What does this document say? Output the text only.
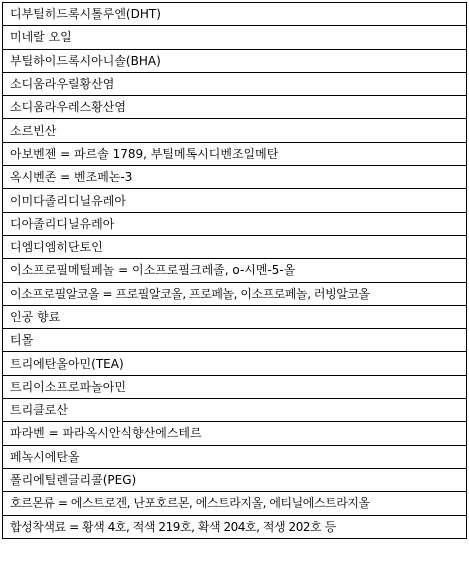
디부틸히드록시톨루엔(DHT)
미네랄 오일
부틸하이드록시아니솔(BHA)
소디움라우릴황산염
소디움라우레스황산염
소르빈산
아보벤젠 = 파르솔 1789, 부틸메톡시디벤조일메탄
옥시벤존 = 벤조페논-3
이미다졸리디닐유레아
디아졸리디닐유레아
디엠디엠히단토인
이소프로필메틸페놀 = 이소프로필크레졸, o-시멘-5-올
이소프로필알코올 = 프로필알코올, 프로페놀, 이소프로페놀, 러빙알코올
인공 향료
티몰
트리에탄올아민(TEA)
트리이소프로파놀아민
트리클로산
파라벤 = 파라옥시안식향산에스테르
페녹시에탄올
폴리에틸렌글리콜(PEG)
호르몬류 = 에스트로겐, 난포호르몬, 에스트라지올, 에티닐에스트라지올
합성착색료 = 황색 4호, 적색 219호, 확색 204호, 적생 202호 등
